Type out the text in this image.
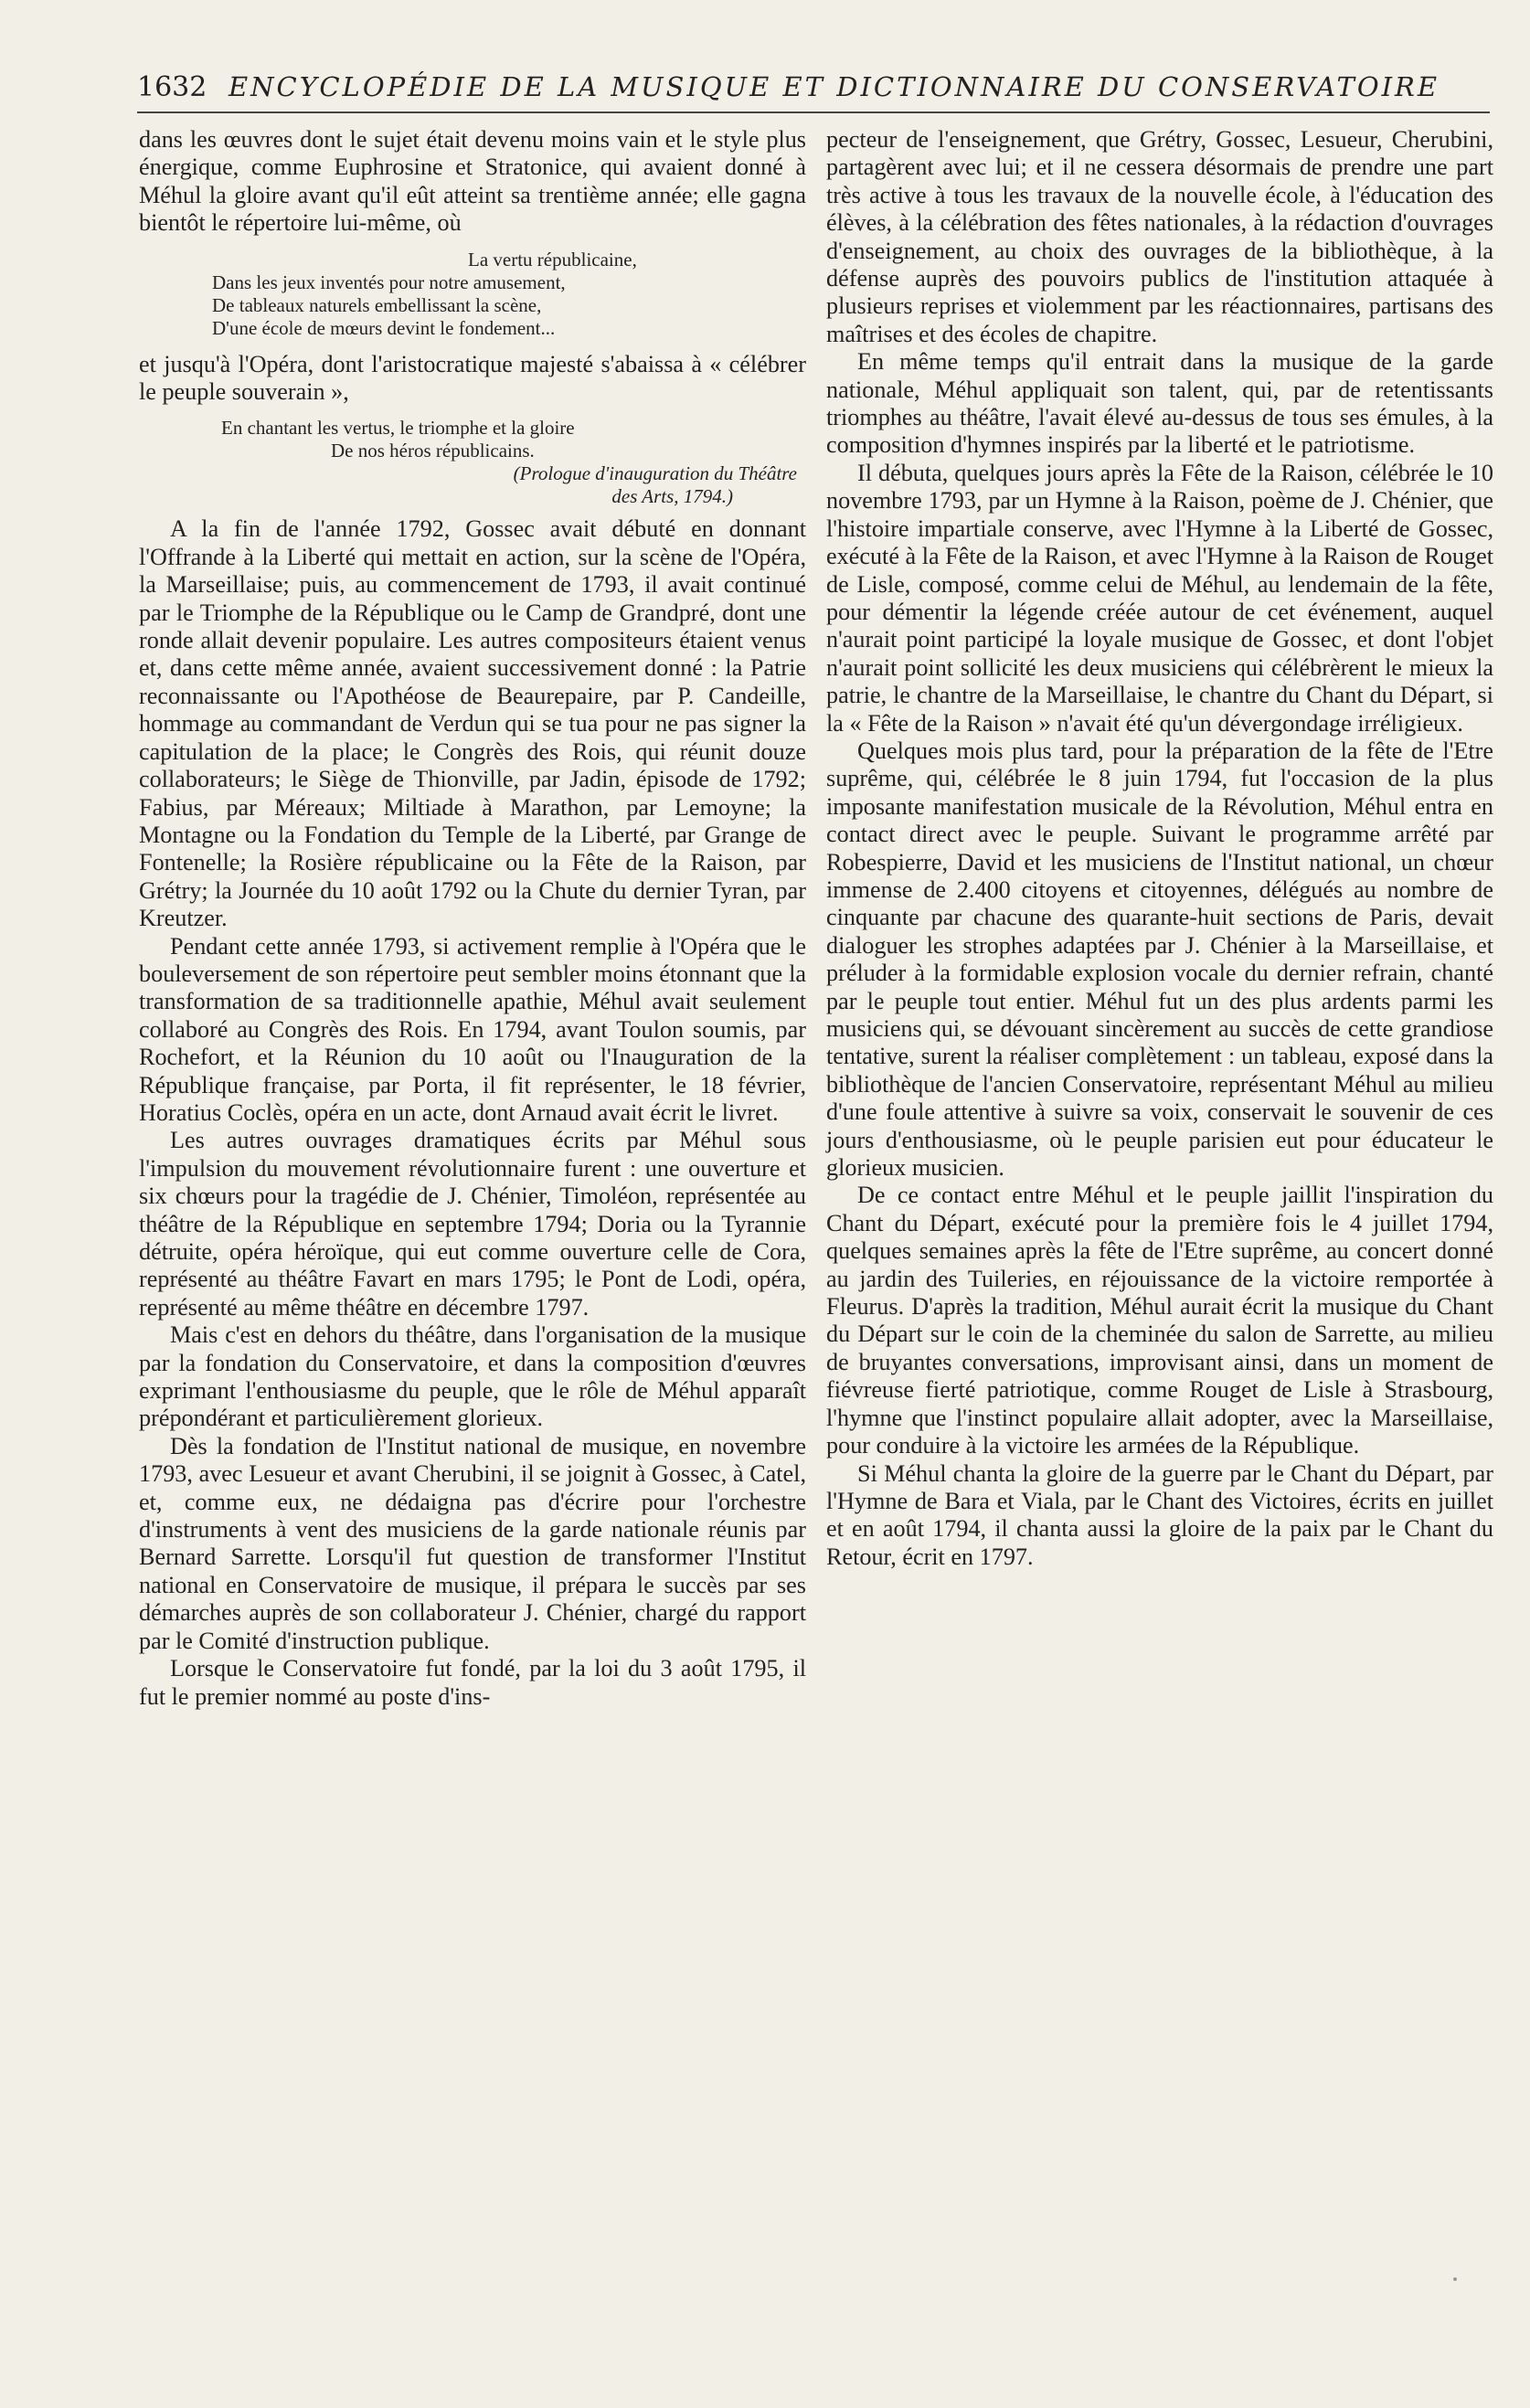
1632 ENCYCLOPÉDIE DE LA MUSIQUE ET DICTIONNAIRE DU CONSERVATOIRE

dans les œuvres dont le sujet était devenu moins vain et le style plus énergique, comme Euphrosine et Stratonice, qui avaient donné à Méhul la gloire avant qu'il eût atteint sa trentième année; elle gagna bientôt le répertoire lui-même, où

La vertu républicaine,
Dans les jeux inventés pour notre amusement,
De tableaux naturels embellissant la scène,
D'une école de mœurs devint le fondement...

et jusqu'à l'Opéra, dont l'aristocratique majesté s'abaissa à « célébrer le peuple souverain »,

En chantant les vertus, le triomphe et la gloire
De nos héros républicains.
(Prologue d'inauguration du Théâtre
des Arts, 1794.)

A la fin de l'année 1792, Gossec avait débuté en donnant l'Offrande à la Liberté qui mettait en action, sur la scène de l'Opéra, la Marseillaise; puis, au commencement de 1793, il avait continué par le Triomphe de la République ou le Camp de Grandpré, dont une ronde allait devenir populaire. Les autres compositeurs étaient venus et, dans cette même année, avaient successivement donné : la Patrie reconnaissante ou l'Apothéose de Beaurepaire, par P. Candeille, hommage au commandant de Verdun qui se tua pour ne pas signer la capitulation de la place; le Congrès des Rois, qui réunit douze collaborateurs; le Siège de Thionville, par Jadin, épisode de 1792; Fabius, par Méreaux; Miltiade à Marathon, par Lemoyne; la Montagne ou la Fondation du Temple de la Liberté, par Grange de Fontenelle; la Rosière républicaine ou la Fête de la Raison, par Grétry; la Journée du 10 août 1792 ou la Chute du dernier Tyran, par Kreutzer.

Pendant cette année 1793, si activement remplie à l'Opéra que le bouleversement de son répertoire peut sembler moins étonnant que la transformation de sa traditionnelle apathie, Méhul avait seulement collaboré au Congrès des Rois. En 1794, avant Toulon soumis, par Rochefort, et la Réunion du 10 août ou l'Inauguration de la République française, par Porta, il fit représenter, le 18 février, Horatius Coclès, opéra en un acte, dont Arnaud avait écrit le livret.

Les autres ouvrages dramatiques écrits par Méhul sous l'impulsion du mouvement révolutionnaire furent : une ouverture et six chœurs pour la tragédie de J. Chénier, Timoléon, représentée au théâtre de la République en septembre 1794; Doria ou la Tyrannie détruite, opéra héroïque, qui eut comme ouverture celle de Cora, représenté au théâtre Favart en mars 1795; le Pont de Lodi, opéra, représenté au même théâtre en décembre 1797.

Mais c'est en dehors du théâtre, dans l'organisation de la musique par la fondation du Conservatoire, et dans la composition d'œuvres exprimant l'enthousiasme du peuple, que le rôle de Méhul apparaît prépondérant et particulièrement glorieux.

Dès la fondation de l'Institut national de musique, en novembre 1793, avec Lesueur et avant Cherubini, il se joignit à Gossec, à Catel, et, comme eux, ne dédaigna pas d'écrire pour l'orchestre d'instruments à vent des musiciens de la garde nationale réunis par Bernard Sarrette. Lorsqu'il fut question de transformer l'Institut national en Conservatoire de musique, il prépara le succès par ses démarches auprès de son collaborateur J. Chénier, chargé du rapport par le Comité d'instruction publique.

Lorsque le Conservatoire fut fondé, par la loi du 3 août 1795, il fut le premier nommé au poste d'ins-

pecteur de l'enseignement, que Grétry, Gossec, Lesueur, Cherubini, partagèrent avec lui; et il ne cessera désormais de prendre une part très active à tous les travaux de la nouvelle école, à l'éducation des élèves, à la célébration des fêtes nationales, à la rédaction d'ouvrages d'enseignement, au choix des ouvrages de la bibliothèque, à la défense auprès des pouvoirs publics de l'institution attaquée à plusieurs reprises et violemment par les réactionnaires, partisans des maîtrises et des écoles de chapitre.

En même temps qu'il entrait dans la musique de la garde nationale, Méhul appliquait son talent, qui, par de retentissants triomphes au théâtre, l'avait élevé au-dessus de tous ses émules, à la composition d'hymnes inspirés par la liberté et le patriotisme.

Il débuta, quelques jours après la Fête de la Raison, célébrée le 10 novembre 1793, par un Hymne à la Raison, poème de J. Chénier, que l'histoire impartiale conserve, avec l'Hymne à la Liberté de Gossec, exécuté à la Fête de la Raison, et avec l'Hymne à la Raison de Rouget de Lisle, composé, comme celui de Méhul, au lendemain de la fête, pour démentir la légende créée autour de cet événement, auquel n'aurait point participé la loyale musique de Gossec, et dont l'objet n'aurait point sollicité les deux musiciens qui célébrèrent le mieux la patrie, le chantre de la Marseillaise, le chantre du Chant du Départ, si la « Fête de la Raison » n'avait été qu'un dévergondage irréligieux.

Quelques mois plus tard, pour la préparation de la fête de l'Etre suprême, qui, célébrée le 8 juin 1794, fut l'occasion de la plus imposante manifestation musicale de la Révolution, Méhul entra en contact direct avec le peuple. Suivant le programme arrêté par Robespierre, David et les musiciens de l'Institut national, un chœur immense de 2.400 citoyens et citoyennes, délégués au nombre de cinquante par chacune des quarante-huit sections de Paris, devait dialoguer les strophes adaptées par J. Chénier à la Marseillaise, et préluder à la formidable explosion vocale du dernier refrain, chanté par le peuple tout entier. Méhul fut un des plus ardents parmi les musiciens qui, se dévouant sincèrement au succès de cette grandiose tentative, surent la réaliser complètement : un tableau, exposé dans la bibliothèque de l'ancien Conservatoire, représentant Méhul au milieu d'une foule attentive à suivre sa voix, conservait le souvenir de ces jours d'enthousiasme, où le peuple parisien eut pour éducateur le glorieux musicien.

De ce contact entre Méhul et le peuple jaillit l'inspiration du Chant du Départ, exécuté pour la première fois le 4 juillet 1794, quelques semaines après la fête de l'Etre suprême, au concert donné au jardin des Tuileries, en réjouissance de la victoire remportée à Fleurus. D'après la tradition, Méhul aurait écrit la musique du Chant du Départ sur le coin de la cheminée du salon de Sarrette, au milieu de bruyantes conversations, improvisant ainsi, dans un moment de fiévreuse fierté patriotique, comme Rouget de Lisle à Strasbourg, l'hymne que l'instinct populaire allait adopter, avec la Marseillaise, pour conduire à la victoire les armées de la République.

Si Méhul chanta la gloire de la guerre par le Chant du Départ, par l'Hymne de Bara et Viala, par le Chant des Victoires, écrits en juillet et en août 1794, il chanta aussi la gloire de la paix par le Chant du Retour, écrit en 1797.
